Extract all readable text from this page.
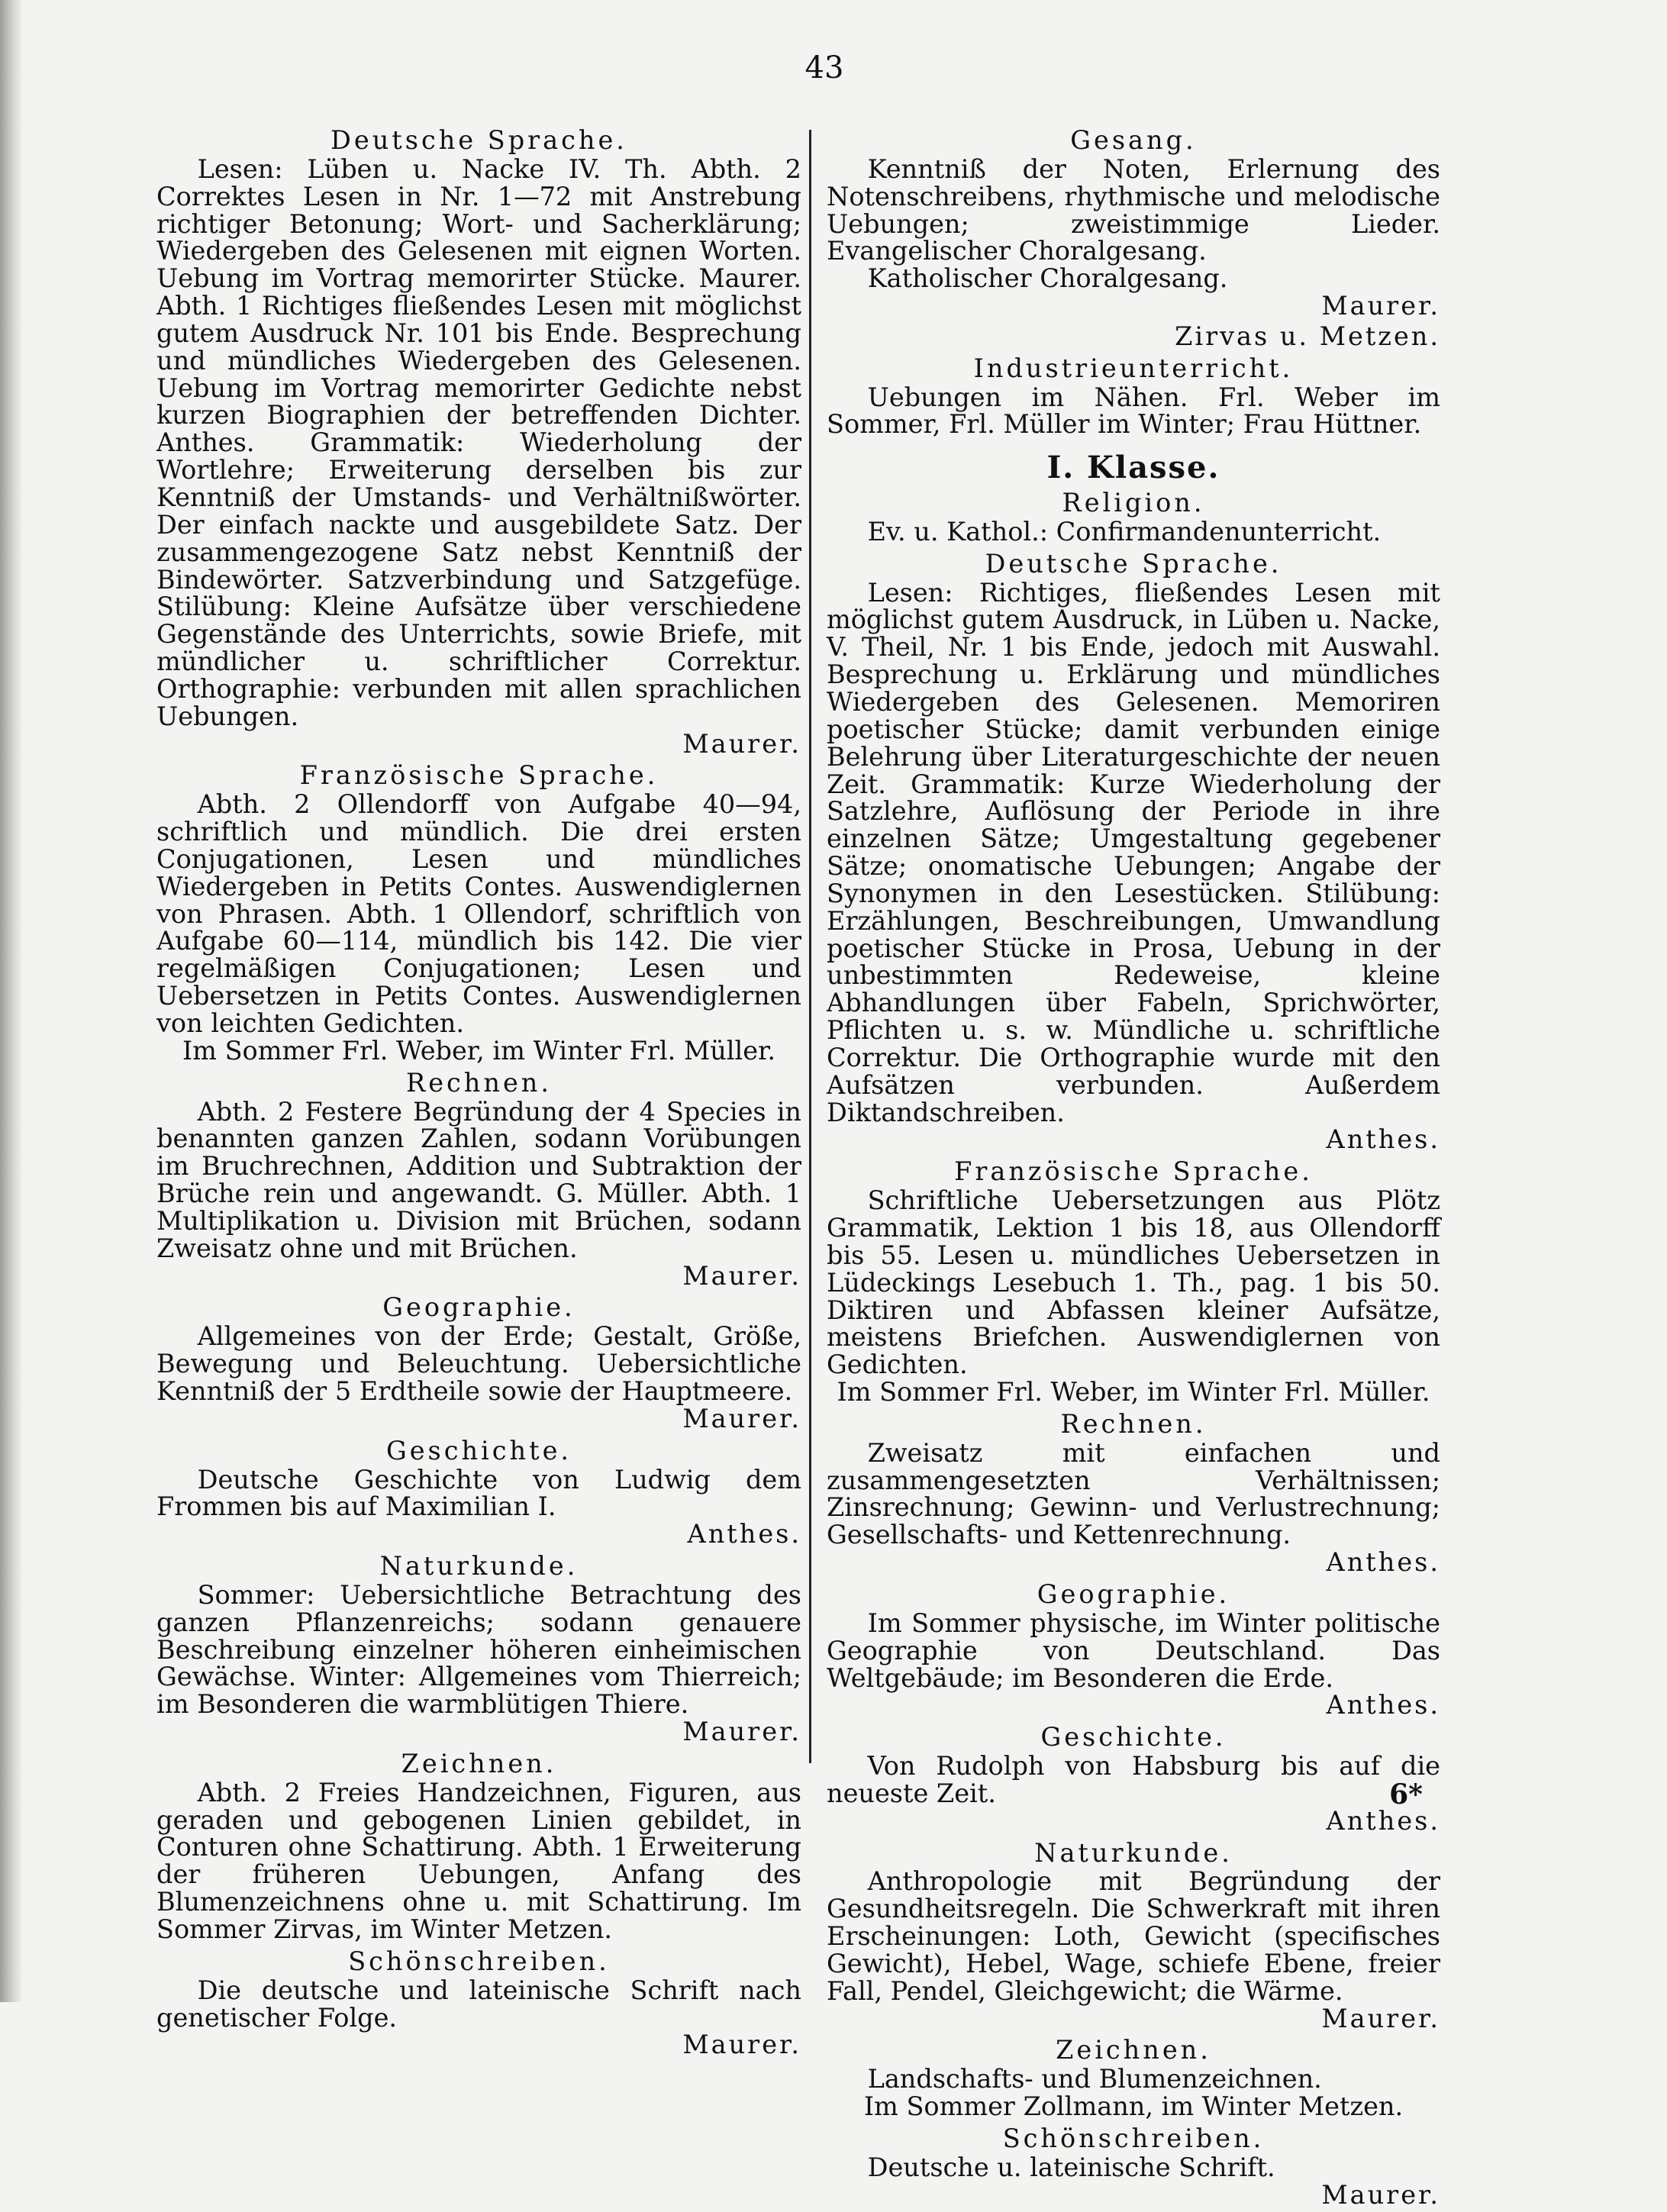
43
Deutsche Sprache.

Lesen: Lüben u. Nacke IV. Th. Abth. 2 Correktes Lesen in Nr. 1—72 mit Anstrebung richtiger Betonung; Wort- und Sacherklärung; Wiedergeben des Gelesenen mit eignen Worten. Uebung im Vortrag memorirter Stücke. Maurer. Abth. 1 Richtiges fließendes Lesen mit möglichst gutem Ausdruck Nr. 101 bis Ende. Besprechung und mündliches Wiedergeben des Gelesenen. Uebung im Vortrag memorirter Gedichte nebst kurzen Biographien der betreffenden Dichter. Anthes. Grammatik: Wiederholung der Wortlehre; Erweiterung derselben bis zur Kenntniß der Umstands- und Verhältnißwörter. Der einfach nackte und ausgebildete Satz. Der zusammengezogene Satz nebst Kenntniß der Bindewörter. Satzverbindung und Satzgefüge. Stilübung: Kleine Aufsätze über verschiedene Gegenstände des Unterrichts, sowie Briefe, mit mündlicher u. schriftlicher Correktur. Orthographie: verbunden mit allen sprachlichen Uebungen.

Maurer.
Französische Sprache.

Abth. 2 Ollendorff von Aufgabe 40—94, schriftlich und mündlich. Die drei ersten Conjugationen, Lesen und mündliches Wiedergeben in Petits Contes. Auswendiglernen von Phrasen. Abth. 1 Ollendorf, schriftlich von Aufgabe 60—114, mündlich bis 142. Die vier regelmäßigen Conjugationen; Lesen und Uebersetzen in Petits Contes. Auswendiglernen von leichten Gedichten.

Im Sommer Frl. Weber, im Winter Frl. Müller.
Rechnen.

Abth. 2 Festere Begründung der 4 Species in benannten ganzen Zahlen, sodann Vorübungen im Bruchrechnen, Addition und Subtraktion der Brüche rein und angewandt. G. Müller. Abth. 1 Multiplikation u. Division mit Brüchen, sodann Zweisatz ohne und mit Brüchen.

Maurer.
Geographie.

Allgemeines von der Erde; Gestalt, Größe, Bewegung und Beleuchtung. Uebersichtliche Kenntniß der 5 Erdtheile sowie der Hauptmeere.

Maurer.
Geschichte.

Deutsche Geschichte von Ludwig dem Frommen bis auf Maximilian I.

Anthes.
Naturkunde.

Sommer: Uebersichtliche Betrachtung des ganzen Pflanzenreichs; sodann genauere Beschreibung einzelner höheren einheimischen Gewächse. Winter: Allgemeines vom Thierreich; im Besonderen die warmblütigen Thiere.

Maurer.
Zeichnen.

Abth. 2 Freies Handzeichnen, Figuren, aus geraden und gebogenen Linien gebildet, in Conturen ohne Schattirung. Abth. 1 Erweiterung der früheren Uebungen, Anfang des Blumenzeichnens ohne u. mit Schattirung. Im Sommer Zirvas, im Winter Metzen.

Schönschreiben.

Die deutsche und lateinische Schrift nach genetischer Folge.

Maurer.
Gesang.

Kenntniß der Noten, Erlernung des Notenschreibens, rhythmische und melodische Uebungen; zweistimmige Lieder. Evangelischer Choralgesang.

Katholischer Choralgesang.

Maurer.
Zirvas u. Metzen.
Industrieunterricht.

Uebungen im Nähen. Frl. Weber im Sommer, Frl. Müller im Winter; Frau Hüttner.

I. Klasse.
Religion.

Ev. u. Kathol.: Confirmandenunterricht.

Deutsche Sprache.

Lesen: Richtiges, fließendes Lesen mit möglichst gutem Ausdruck, in Lüben u. Nacke, V. Theil, Nr. 1 bis Ende, jedoch mit Auswahl. Besprechung u. Erklärung und mündliches Wiedergeben des Gelesenen. Memoriren poetischer Stücke; damit verbunden einige Belehrung über Literaturgeschichte der neuen Zeit. Grammatik: Kurze Wiederholung der Satzlehre, Auflösung der Periode in ihre einzelnen Sätze; Umgestaltung gegebener Sätze; onomatische Uebungen; Angabe der Synonymen in den Lesestücken. Stilübung: Erzählungen, Beschreibungen, Umwandlung poetischer Stücke in Prosa, Uebung in der unbestimmten Redeweise, kleine Abhandlungen über Fabeln, Sprichwörter, Pflichten u. s. w. Mündliche u. schriftliche Correktur. Die Orthographie wurde mit den Aufsätzen verbunden. Außerdem Diktandschreiben.

Anthes.
Französische Sprache.

Schriftliche Uebersetzungen aus Plötz Grammatik, Lektion 1 bis 18, aus Ollendorff bis 55. Lesen u. mündliches Uebersetzen in Lüdeckings Lesebuch 1. Th., pag. 1 bis 50. Diktiren und Abfassen kleiner Aufsätze, meistens Briefchen. Auswendiglernen von Gedichten.

Im Sommer Frl. Weber, im Winter Frl. Müller.
Rechnen.

Zweisatz mit einfachen und zusammengesetzten Verhältnissen; Zinsrechnung; Gewinn- und Verlustrechnung; Gesellschafts- und Kettenrechnung.

Anthes.
Geographie.

Im Sommer physische, im Winter politische Geographie von Deutschland. Das Weltgebäude; im Besonderen die Erde.

Anthes.
Geschichte.

Von Rudolph von Habsburg bis auf die neueste Zeit.

Anthes.
Naturkunde.

Anthropologie mit Begründung der Gesundheitsregeln. Die Schwerkraft mit ihren Erscheinungen: Loth, Gewicht (specifisches Gewicht), Hebel, Wage, schiefe Ebene, freier Fall, Pendel, Gleichgewicht; die Wärme.

Maurer.
Zeichnen.

Landschafts- und Blumenzeichnen.

Im Sommer Zollmann, im Winter Metzen.
Schönschreiben.

Deutsche u. lateinische Schrift.

Maurer.
6*
